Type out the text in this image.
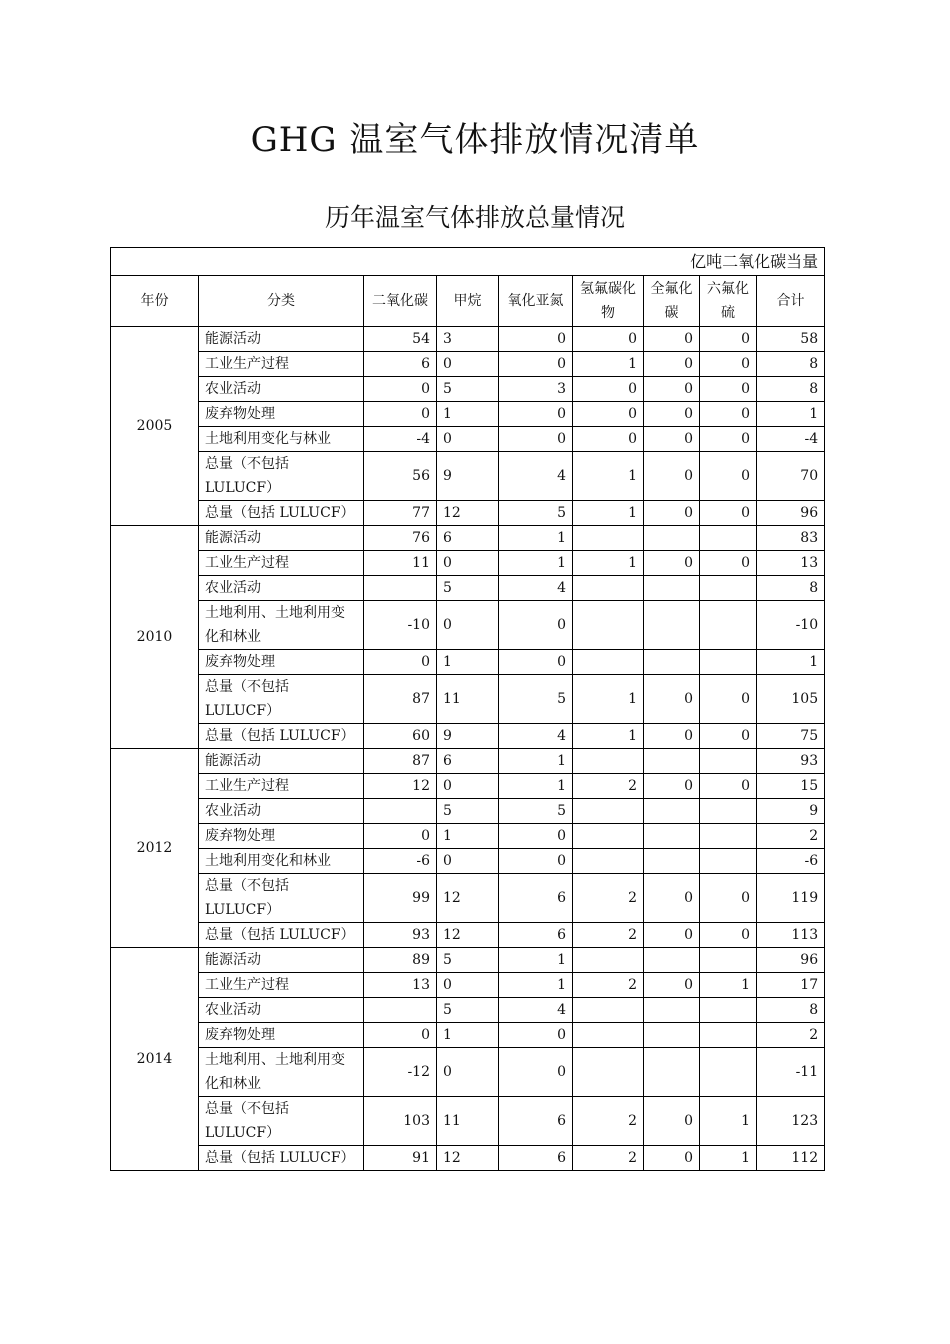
GHG 温室气体排放情况清单
历年温室气体排放总量情况
亿吨二氧化碳当量								
年份	分类	二氧化碳	甲烷	氧化亚氮	氢氟碳化物	全氟化碳	六氟化硫	合计
2005	能源活动	54	3	0	0	0	0	58
	工业生产过程	6	0	0	1	0	0	8
	农业活动	0	5	3	0	0	0	8
	废弃物处理	0	1	0	0	0	0	1
	土地利用变化与林业	-4	0	0	0	0	0	-4
	总量（不包括 LULUCF）	56	9	4	1	0	0	70
	总量（包括 LULUCF）	77	12	5	1	0	0	96
2010	能源活动	76	6	1				83
	工业生产过程	11	0	1	1	0	0	13
	农业活动		5	4				8
	土地利用、土地利用变化和林业	-10	0	0				-10
	废弃物处理	0	1	0				1
	总量（不包括 LULUCF）	87	11	5	1	0	0	105
	总量（包括 LULUCF）	60	9	4	1	0	0	75
2012	能源活动	87	6	1				93
	工业生产过程	12	0	1	2	0	0	15
	农业活动		5	5				9
	废弃物处理	0	1	0				2
	土地利用变化和林业	-6	0	0				-6
	总量（不包括 LULUCF）	99	12	6	2	0	0	119
	总量（包括 LULUCF）	93	12	6	2	0	0	113
2014	能源活动	89	5	1				96
	工业生产过程	13	0	1	2	0	1	17
	农业活动		5	4				8
	废弃物处理	0	1	0				2
	土地利用、土地利用变化和林业	-12	0	0				-11
	总量（不包括 LULUCF）	103	11	6	2	0	1	123
	总量（包括 LULUCF）	91	12	6	2	0	1	112
